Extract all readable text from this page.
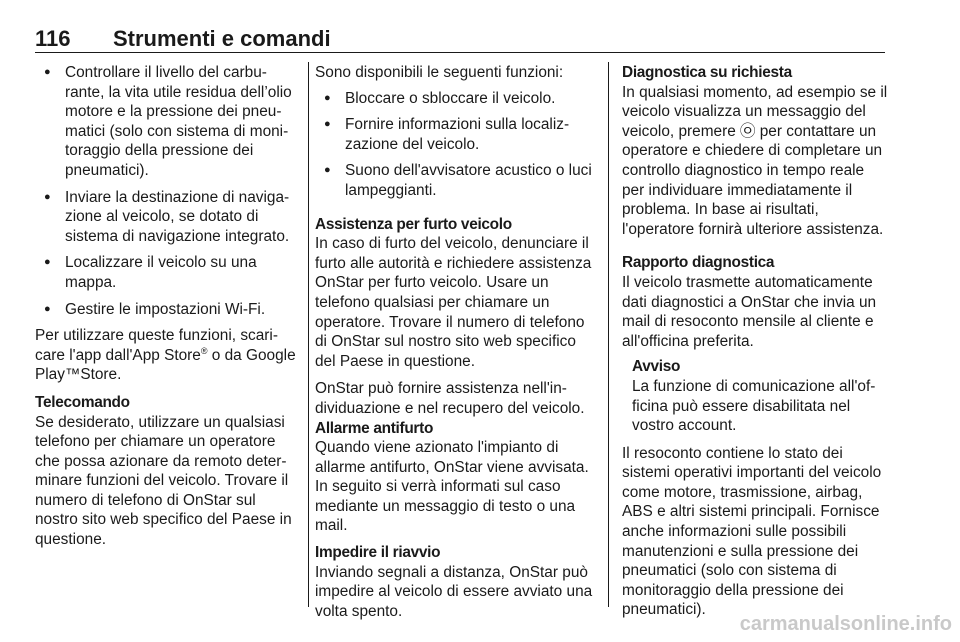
116 Strumenti e comandi
● Controllare il livello del carburante, la vita utile residua dell’olio motore e la pressione dei pneumatici (solo con sistema di monitoraggio della pressione dei pneumatici).
● Inviare la destinazione di navigazione al veicolo, se dotato di sistema di navigazione integrato.
● Localizzare il veicolo su una mappa.
● Gestire le impostazioni Wi-Fi.

Per utilizzare queste funzioni, scaricare l'app dall'App Store® o da Google Play™Store.

Telecomando

Se desiderato, utilizzare un qualsiasi telefono per chiamare un operatore che possa azionare da remoto determinare funzioni del veicolo. Trovare il numero di telefono di OnStar sul nostro sito web specifico del Paese in questione.

Sono disponibili le seguenti funzioni:

● Bloccare o sbloccare il veicolo.
● Fornire informazioni sulla localizzazione del veicolo.
● Suono dell'avvisatore acustico o luci lampeggianti.
Assistenza per furto veicolo

In caso di furto del veicolo, denunciare il furto alle autorità e richiedere assistenza OnStar per furto veicolo. Usare un telefono qualsiasi per chiamare un operatore. Trovare il numero di telefono di OnStar sul nostro sito web specifico del Paese in questione.

OnStar può fornire assistenza nell'individuazione e nel recupero del veicolo.

Allarme antifurto

Quando viene azionato l'impianto di allarme antifurto, OnStar viene avvisata. In seguito si verrà informati sul caso mediante un messaggio di testo o una mail.

Impedire il riavvio

Inviando segnali a distanza, OnStar può impedire al veicolo di essere avviato una volta spento.

Diagnostica su richiesta

In qualsiasi momento, ad esempio se il veicolo visualizza un messaggio del veicolo, premere ㉧ per contattare un operatore e chiedere di completare un controllo diagnostico in tempo reale per individuare immediatamente il problema. In base ai risultati, l'operatore fornirà ulteriore assistenza.

Rapporto diagnostica

Il veicolo trasmette automaticamente dati diagnostici a OnStar che invia un mail di resoconto mensile al cliente e all'officina preferita.

Avviso
La funzione di comunicazione all'officina può essere disabilitata nel vostro account.

Il resoconto contiene lo stato dei sistemi operativi importanti del veicolo come motore, trasmissione, airbag, ABS e altri sistemi principali. Fornisce anche informazioni sulle possibili manutenzioni e sulla pressione dei pneumatici (solo con sistema di monitoraggio della pressione dei pneumatici).

carmanualsonline.info
